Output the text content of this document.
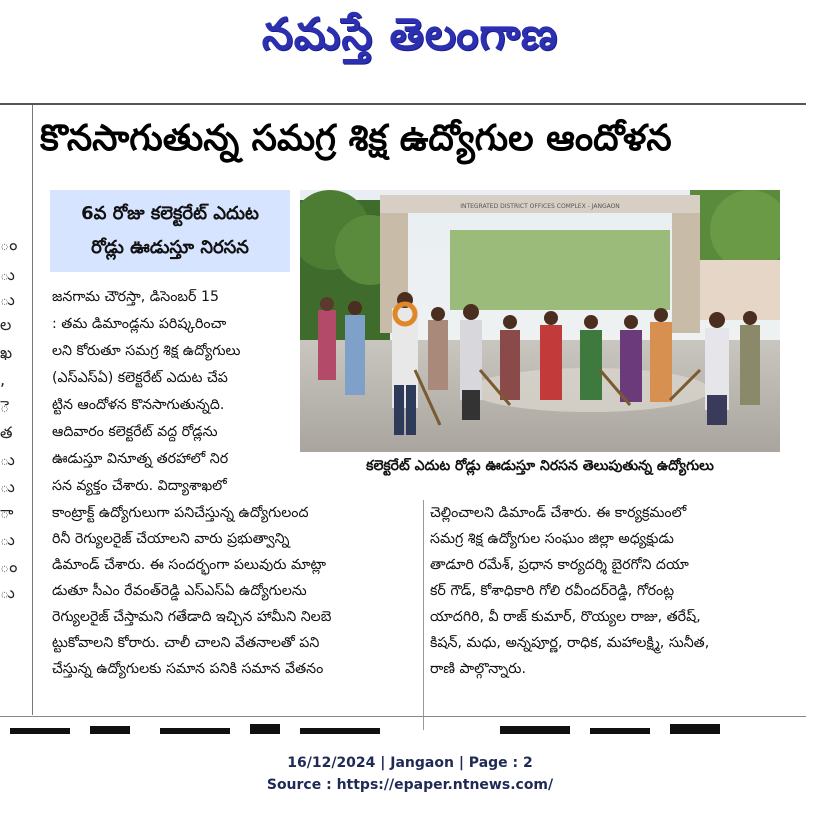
నమస్తే తెలంగాణ
ం
ు
ు
ల
ఖ
,
ె
త
ు
ు
ా
ు
ం
ు
కొనసాగుతున్న సమగ్ర శిక్ష ఉద్యోగుల ఆందోళన
6వ రోజు కలెక్టరేట్ ఎదుట
రోడ్లు ఊడుస్తూ నిరసన
INTEGRATED DISTRICT OFFICES COMPLEX - JANGAON
కలెక్టరేట్ ఎదుట రోడ్లు ఊడుస్తూ నిరసన తెలుపుతున్న ఉద్యోగులు
జనగామ చౌరస్తా, డిసెంబర్ 15
: తమ డిమాండ్లను పరిష్కరించా
లని కోరుతూ సమగ్ర శిక్ష ఉద్యోగులు
(ఎస్ఎస్ఏ) కలెక్టరేట్ ఎదుట చేప
ట్టిన ఆందోళన కొనసాగుతున్నది.
ఆదివారం కలెక్టరేట్ వద్ద రోడ్లను
ఊడుస్తూ వినూత్న తరహాలో నిర
సన వ్యక్తం చేశారు. విద్యాశాఖలో
కాంట్రాక్ట్ ఉద్యోగులుగా పనిచేస్తున్న ఉద్యోగులంద
రినీ రెగ్యులరైజ్ చేయాలని వారు ప్రభుత్వాన్ని
డిమాండ్ చేశారు. ఈ సందర్భంగా పలువురు మాట్లా
డుతూ సీఎం రేవంత్‌రెడ్డి ఎస్ఎస్ఏ ఉద్యోగులను
రెగ్యులరైజ్ చేస్తామని గతేడాది ఇచ్చిన హామీని నిలబె
ట్టుకోవాలని కోరారు. చాలీ చాలని వేతనాలతో పని
చేస్తున్న ఉద్యోగులకు సమాన పనికి సమాన వేతనం
చెల్లించాలని డిమాండ్ చేశారు. ఈ కార్యక్రమంలో
సమగ్ర శిక్ష ఉద్యోగుల సంఘం జిల్లా అధ్యక్షుడు
తాడూరి రమేశ్, ప్రధాన కార్యదర్శి బైరగోని దయా
కర్ గౌడ్, కోశాధికారి గోలి రవీందర్‌రెడ్డి, గోరంట్ల
యాదగిరి, వీ రాజ్ కుమార్, రొయ్యల రాజు, తరేష్,
కిషన్, మధు, అన్నపూర్ణ, రాధిక, మహాలక్ష్మి, సునీత,
రాణి పాల్గొన్నారు.
16/12/2024 | Jangaon | Page : 2
Source : https://epaper.ntnews.com/
